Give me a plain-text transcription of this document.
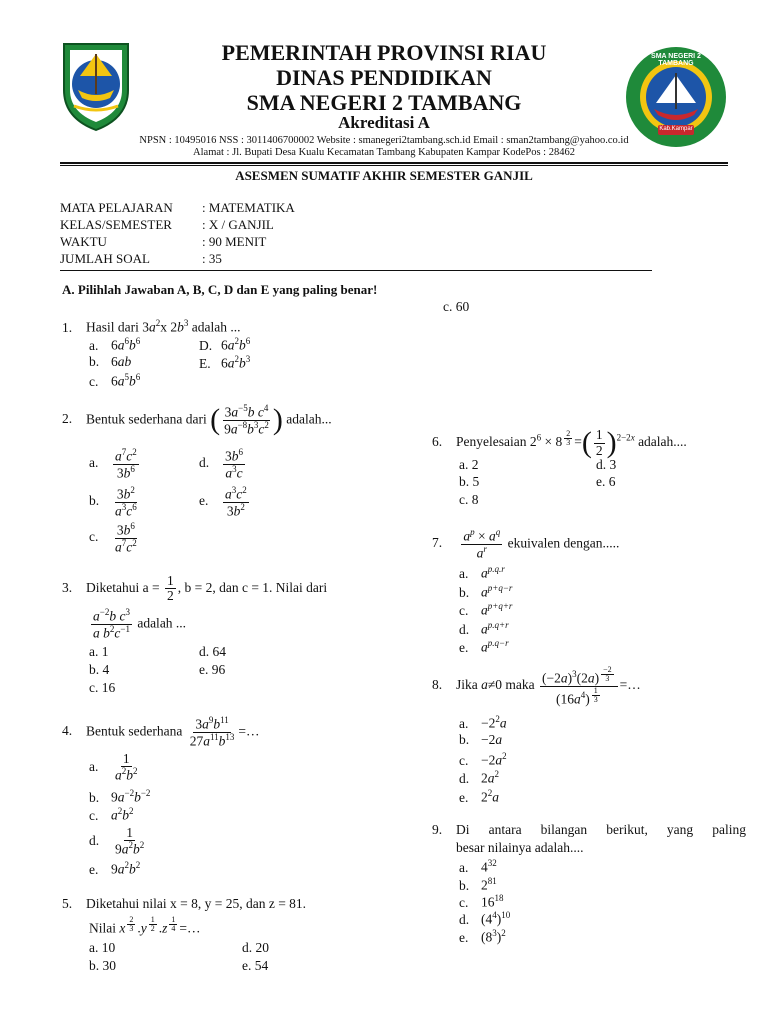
SMA NEGERI 2 TAMBANG
Kab.Kampar
PEMERINTAH PROVINSI RIAU
DINAS PENDIDIKAN
SMA NEGERI 2 TAMBANG
Akreditasi A
NPSN : 10495016 NSS : 3011406700002 Website : smanegeri2tambang.sch.id Email : sman2tambang@yahoo.co.id
Alamat : Jl. Bupati Desa Kualu Kecamatan Tambang Kabupaten Kampar KodePos : 28462
ASESMEN SUMATIF AKHIR SEMESTER GANJIL
MATA PELAJARAN : MATEMATIKA
KELAS/SEMESTER : X / GANJIL
WAKTU	: 90 MENIT
JUMLAH SOAL	: 35
A. Pilihlah Jawaban A, B, C, D dan E yang paling benar!
1. Hasil dari $3a^2x$ $2b^3$ adalah ...
a. $6a^6b^6$	D. $6a^2b^6$
b. 6ab	E. $6a^2b^3$
c. $6a^5b^6$
2. Bentuk sederhana dari ( $\frac{3a^{-5}b c^4}{9a^{-8}b^3c^2}$ ) adalah...
a. $\frac{a^7c^2}{3b^6}$	d. $\frac{3b^6}{a^3c}$
b. $\frac{3b^2}{a^3c^6}$	e. $\frac{a^3c^2}{3b^2}$
c. $\frac{3b^6}{a^7c^2}$
3. Diketahui $a = \frac{1}{2}$ , b = 2, dan c = 1. Nilai dari
$\frac{a^{-2}b c^3}{a b^2c^{-1}}$ adalah ...
a. 1	d. 64
b. 4	e. 96
c. 16
4. Bentuk sederhana $\frac{3a^9b^{11}}{27a^{11}b^{13}}$ =…
a. $\frac{1}{a^2b^2}$
b. $9a^{-2}b^{-2}$
c. $a^2b^2$
d. $\frac{1}{9a^2b^2}$
e. $9a^2b^2$
5. Diketahui nilai x = 8, y = 25, dan z = 81.
Nilai x $^{\frac{2}{3}}$ .y $^{\frac{1}{2}}$ .z $^{\frac{1}{4}}$ =…
a. 10	d. 20
b. 30	e. 54
c. 60
6. Penyelesaian $2^6 \times 8$ $^{\frac{2}{3}}$ =( $\frac{1}{2} )^{2-2x}$ adalah....
a. 2	d. 3
b. 5	e. 6
c. 8
7. $\frac{a^p \times a^q}{a^r}$ ekuivalen dengan.....
a. $a^{p.q.r}$
b. $a^{p+q-r}$
c. $a^{p+q+r}$
d. $a^{p.q+r}$
e. $a^{p.q-r}$
8. Jika a≠0 maka $(-2a)^3(2a)$ $^{\frac{-2}{3}}$
$(16a^4)$ $^{\frac{1}{3}}$ =…
a. $-2^2a$
b. −2a
c. $-2a^2$
d. $2a^2$
e. $2^2a$
9. Di antara bilangan berikut, yang paling
besar nilainya adalah....
a. $4^{32}$
b. $2^{81}$
c. $16^{18}$
d. $(4^4)^{10}$
e. $(8^3)^2$
